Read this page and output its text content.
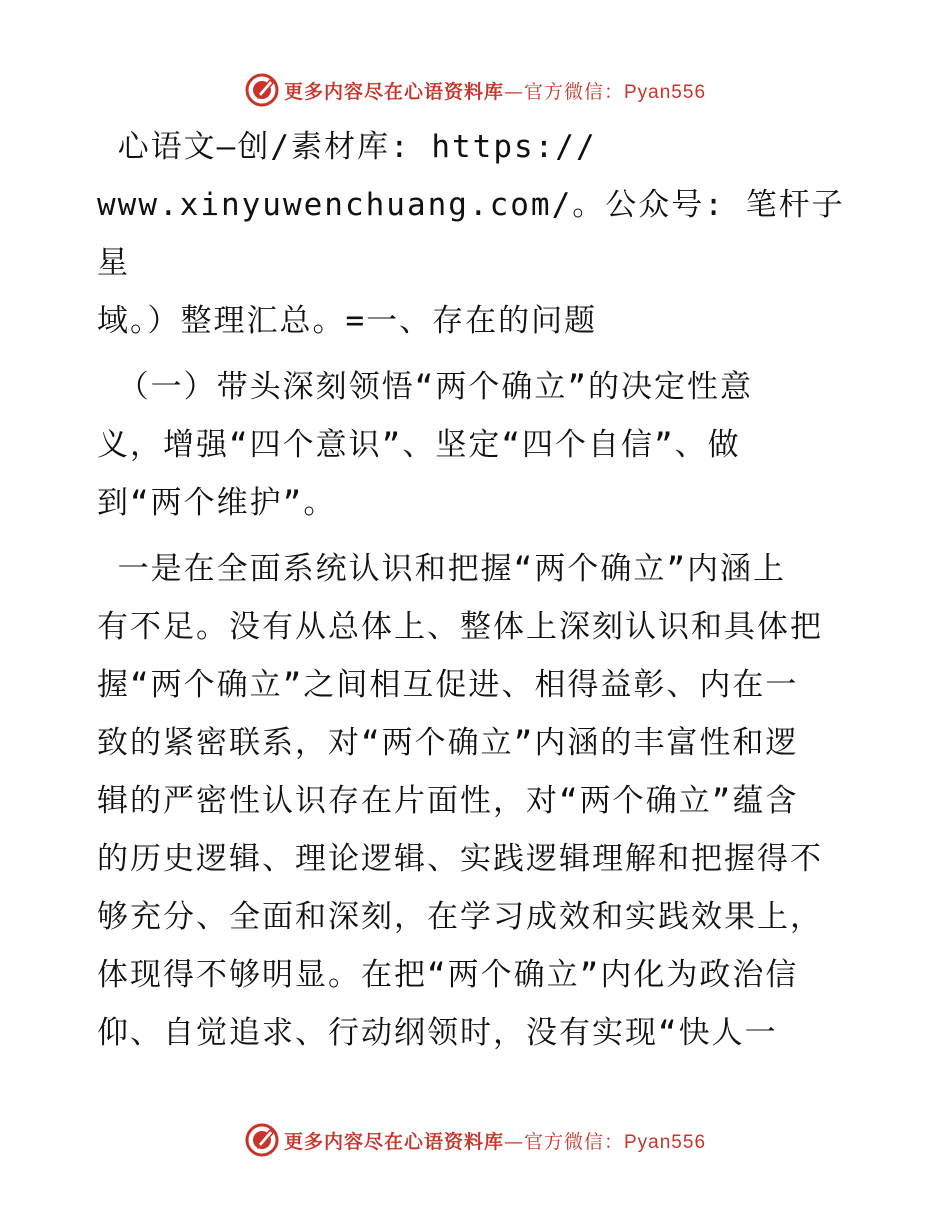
更多内容尽在心语资料库—官方微信：Pyan556

心语文—创/素材库: https://
www.xinyuwenchuang.com/。公众号: 笔杆子星
域。）整理汇总。=一、存在的问题

（一）带头深刻领悟“两个确立”的决定性意
义，增强“四个意识”、坚定“四个自信”、做
到“两个维护”。

一是在全面系统认识和把握“两个确立”内涵上
有不足。没有从总体上、整体上深刻认识和具体把
握“两个确立”之间相互促进、相得益彰、内在一
致的紧密联系，对“两个确立”内涵的丰富性和逻
辑的严密性认识存在片面性，对“两个确立”蕴含
的历史逻辑、理论逻辑、实践逻辑理解和把握得不
够充分、全面和深刻，在学习成效和实践效果上，
体现得不够明显。在把“两个确立”内化为政治信
仰、自觉追求、行动纲领时，没有实现“快人一

更多内容尽在心语资料库—官方微信：Pyan556
